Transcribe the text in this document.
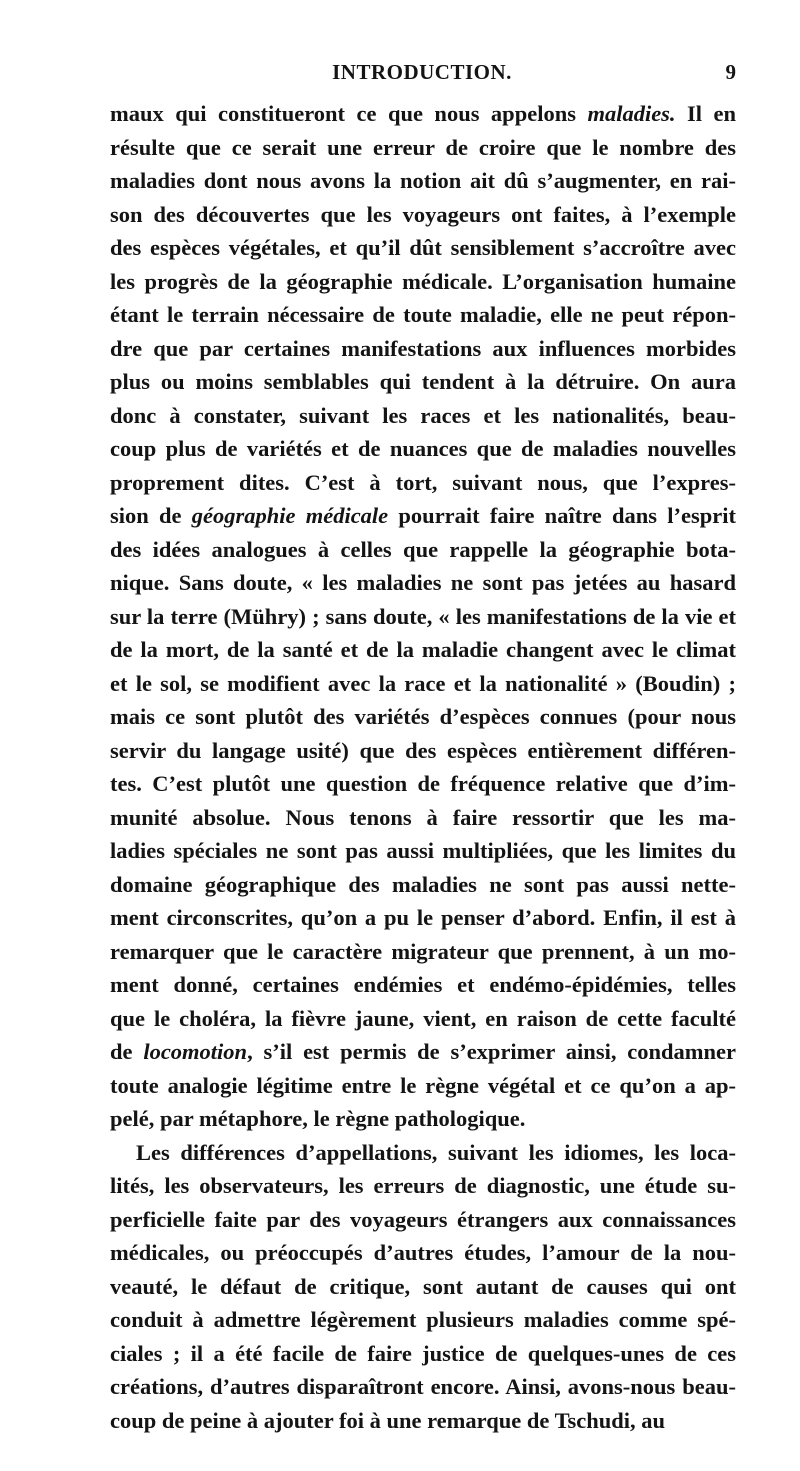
INTRODUCTION.	9
maux qui constitueront ce que nous appelons maladies. Il en
résulte que ce serait une erreur de croire que le nombre des
maladies dont nous avons la notion ait dû s’augmenter, en rai-
son des découvertes que les voyageurs ont faites, à l’exemple
des espèces végétales, et qu’il dût sensiblement s’accroître avec
les progrès de la géographie médicale. L’organisation humaine
étant le terrain nécessaire de toute maladie, elle ne peut répon-
dre que par certaines manifestations aux influences morbides
plus ou moins semblables qui tendent à la détruire. On aura
donc à constater, suivant les races et les nationalités, beau-
coup plus de variétés et de nuances que de maladies nouvelles
proprement dites. C’est à tort, suivant nous, que l’expres-
sion de géographie médicale pourrait faire naître dans l’esprit
des idées analogues à celles que rappelle la géographie bota-
nique. Sans doute, « les maladies ne sont pas jetées au hasard
sur la terre (Mühry) ; sans doute, « les manifestations de la vie et
de la mort, de la santé et de la maladie changent avec le climat
et le sol, se modifient avec la race et la nationalité » (Boudin) ;
mais ce sont plutôt des variétés d’espèces connues (pour nous
servir du langage usité) que des espèces entièrement différen-
tes. C’est plutôt une question de fréquence relative que d’im-
munité absolue. Nous tenons à faire ressortir que les ma-
ladies spéciales ne sont pas aussi multipliées, que les limites du
domaine géographique des maladies ne sont pas aussi nette-
ment circonscrites, qu’on a pu le penser d’abord. Enfin, il est à
remarquer que le caractère migrateur que prennent, à un mo-
ment donné, certaines endémies et endémo-épidémies, telles
que le choléra, la fièvre jaune, vient, en raison de cette faculté
de locomotion, s’il est permis de s’exprimer ainsi, condamner
toute analogie légitime entre le règne végétal et ce qu’on a ap-
pelé, par métaphore, le règne pathologique.
Les différences d’appellations, suivant les idiomes, les loca-
lités, les observateurs, les erreurs de diagnostic, une étude su-
perficielle faite par des voyageurs étrangers aux connaissances
médicales, ou préoccupés d’autres études, l’amour de la nou-
veauté, le défaut de critique, sont autant de causes qui ont
conduit à admettre légèrement plusieurs maladies comme spé-
ciales ; il a été facile de faire justice de quelques-unes de ces
créations, d’autres disparaîtront encore. Ainsi, avons-nous beau-
coup de peine à ajouter foi à une remarque de Tschudi, au
